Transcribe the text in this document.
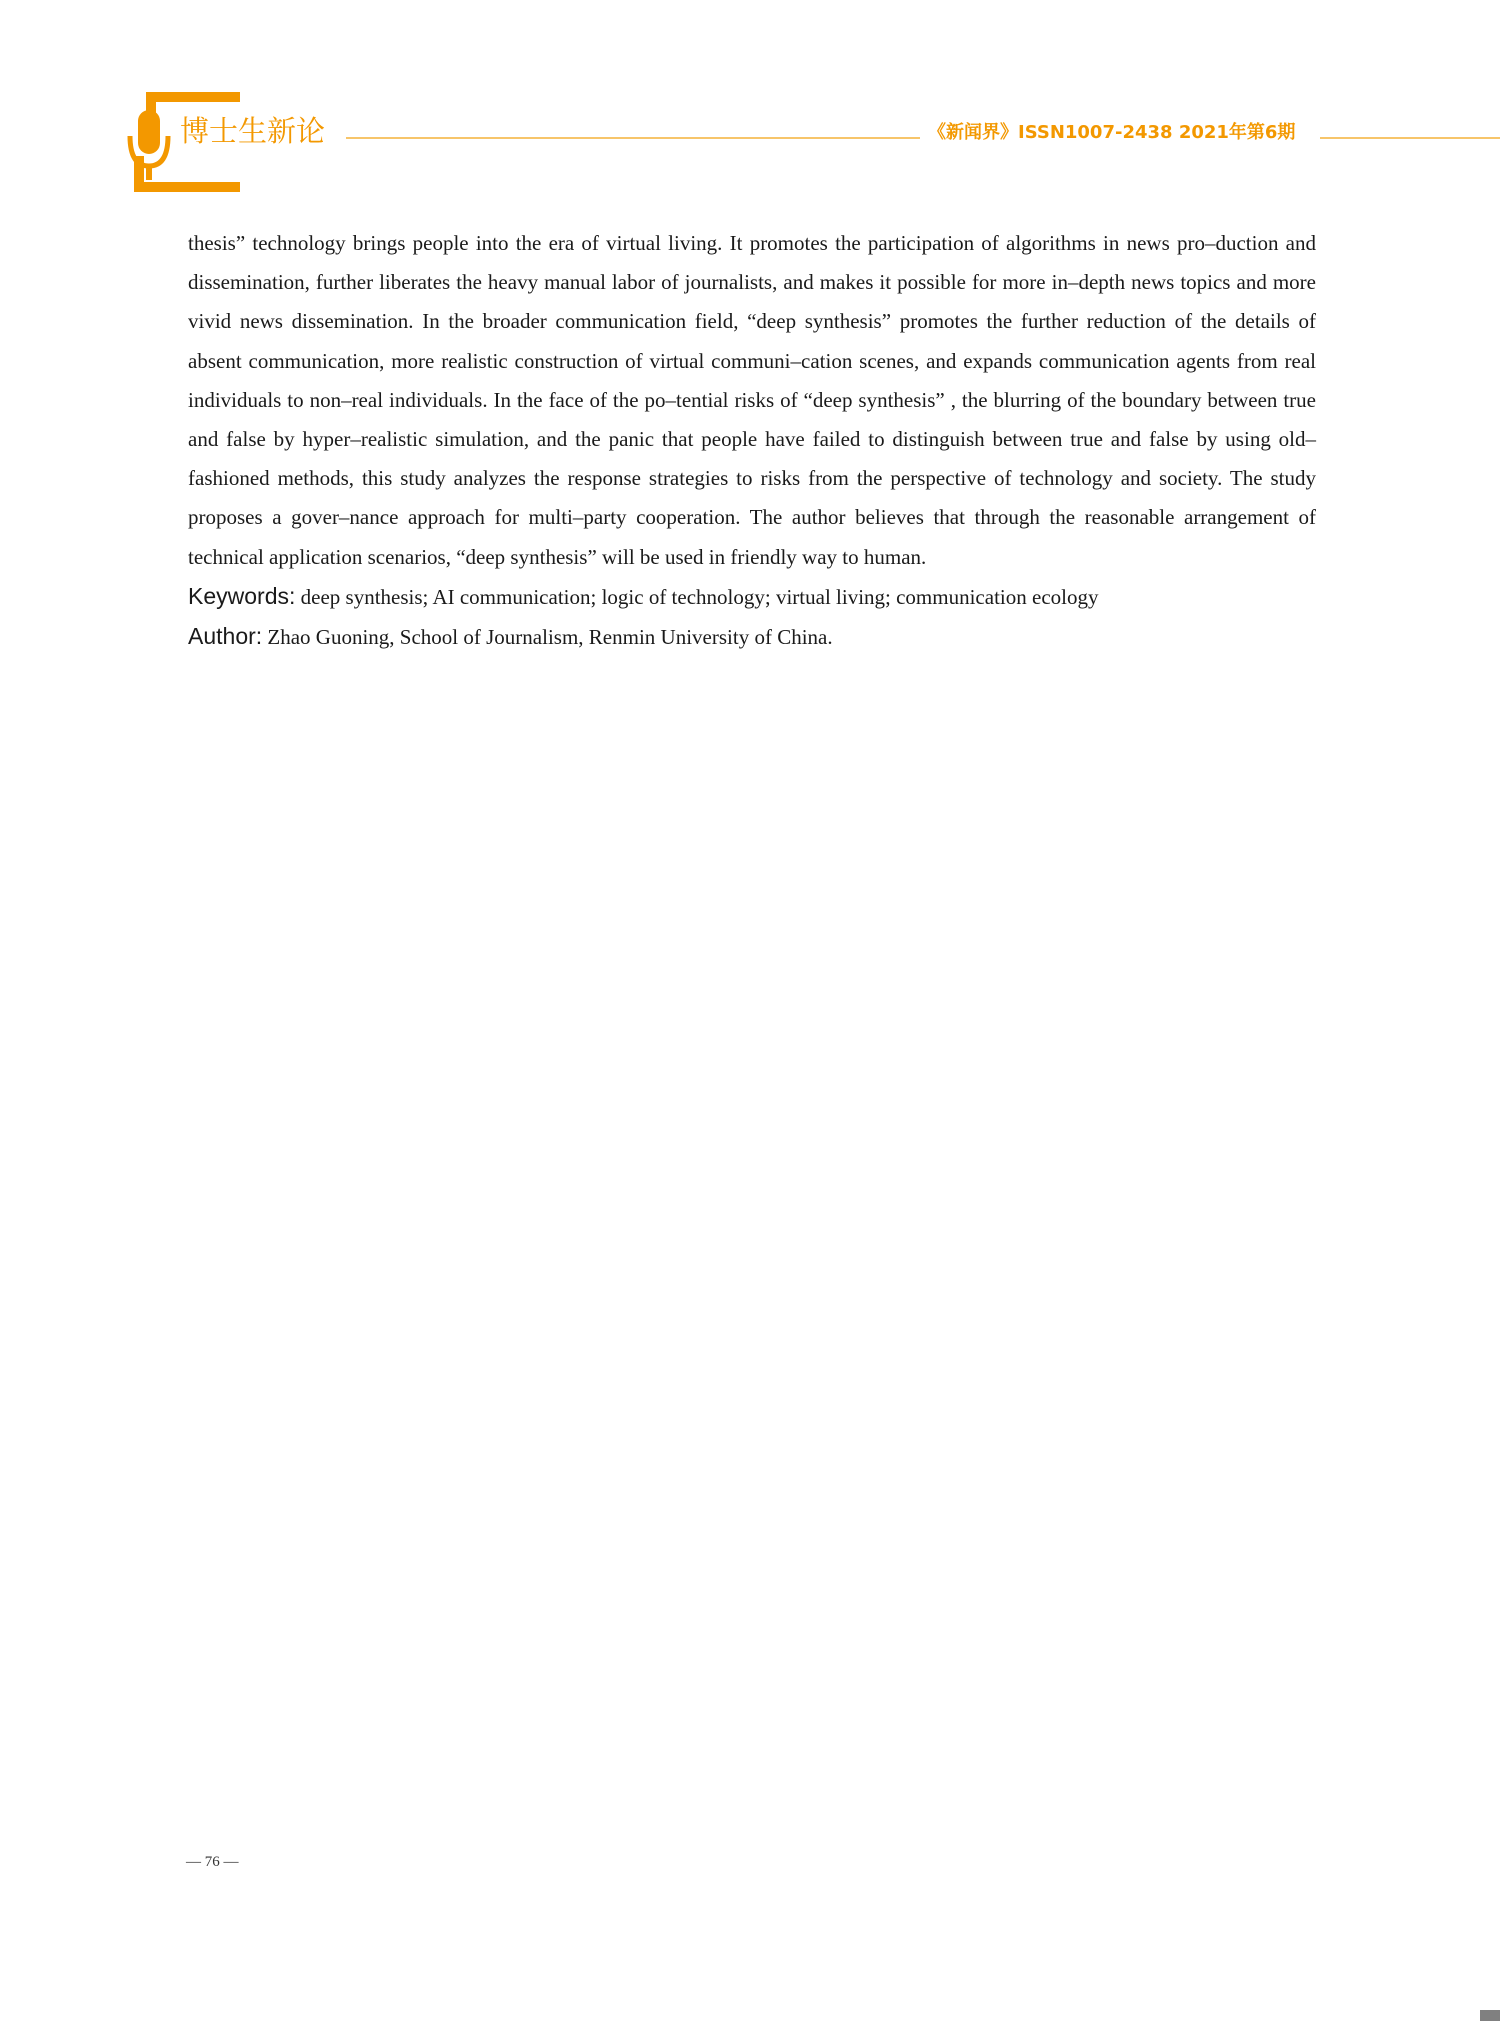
博士生新论	《新闻界》ISSN1007-2438 2021年第6期

thesis” technology brings people into the era of virtual living. It promotes the participation of algorithms in news pro–duction and dissemination, further liberates the heavy manual labor of journalists, and makes it possible for more in–depth news topics and more vivid news dissemination. In the broader communication field, “deep synthesis” promotes the further reduction of the details of absent communication, more realistic construction of virtual communi–cation scenes, and expands communication agents from real individuals to non–real individuals. In the face of the po–tential risks of “deep synthesis” , the blurring of the boundary between true and false by hyper–realistic simulation, and the panic that people have failed to distinguish between true and false by using old–fashioned methods, this study analyzes the response strategies to risks from the perspective of technology and society. The study proposes a gover–nance approach for multi–party cooperation. The author believes that through the reasonable arrangement of technical application scenarios, “deep synthesis” will be used in friendly way to human.

Keywords: deep synthesis; AI communication; logic of technology; virtual living; communication ecology

Author: Zhao Guoning, School of Journalism, Renmin University of China.

— 76 —
